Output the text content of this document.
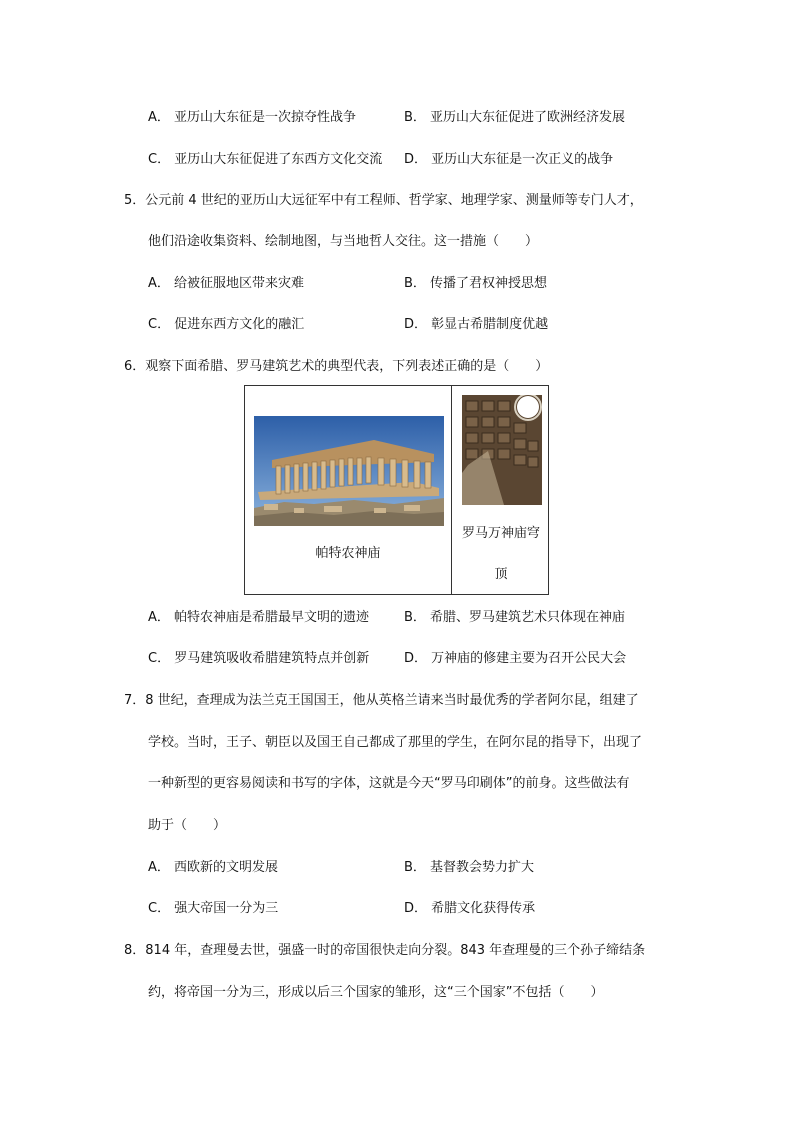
A． 亚历山大东征是一次掠夺性战争	B． 亚历山大东征促进了欧洲经济发展
C． 亚历山大东征促进了东西方文化交流 D． 亚历山大东征是一次正义的战争
5．公元前 4 世纪的亚历山大远征军中有工程师、哲学家、地理学家、测量师等专门人才，
他们沿途收集资料、绘制地图，与当地哲人交往。这一措施（　　）
A． 给被征服地区带来灾难	B． 传播了君权神授思想
C． 促进东西方文化的融汇	D． 彰显古希腊制度优越
6．观察下面希腊、罗马建筑艺术的典型代表，下列表述正确的是（　　）
帕特农神庙
罗马万神庙穹
顶
A． 帕特农神庙是希腊最早文明的遗迹	B． 希腊、罗马建筑艺术只体现在神庙
C． 罗马建筑吸收希腊建筑特点并创新	D． 万神庙的修建主要为召开公民大会
7．8 世纪，查理成为法兰克王国国王，他从英格兰请来当时最优秀的学者阿尔昆，组建了
学校。当时，王子、朝臣以及国王自己都成了那里的学生，在阿尔昆的指导下，出现了
一种新型的更容易阅读和书写的字体，这就是今天“罗马印刷体”的前身。这些做法有
助于（　　）
A． 西欧新的文明发展	B． 基督教会势力扩大
C． 强大帝国一分为三	D． 希腊文化获得传承
8．814 年，查理曼去世，强盛一时的帝国很快走向分裂。843 年查理曼的三个孙子缔结条
约，将帝国一分为三，形成以后三个国家的雏形，这“三个国家”不包括（　　）
